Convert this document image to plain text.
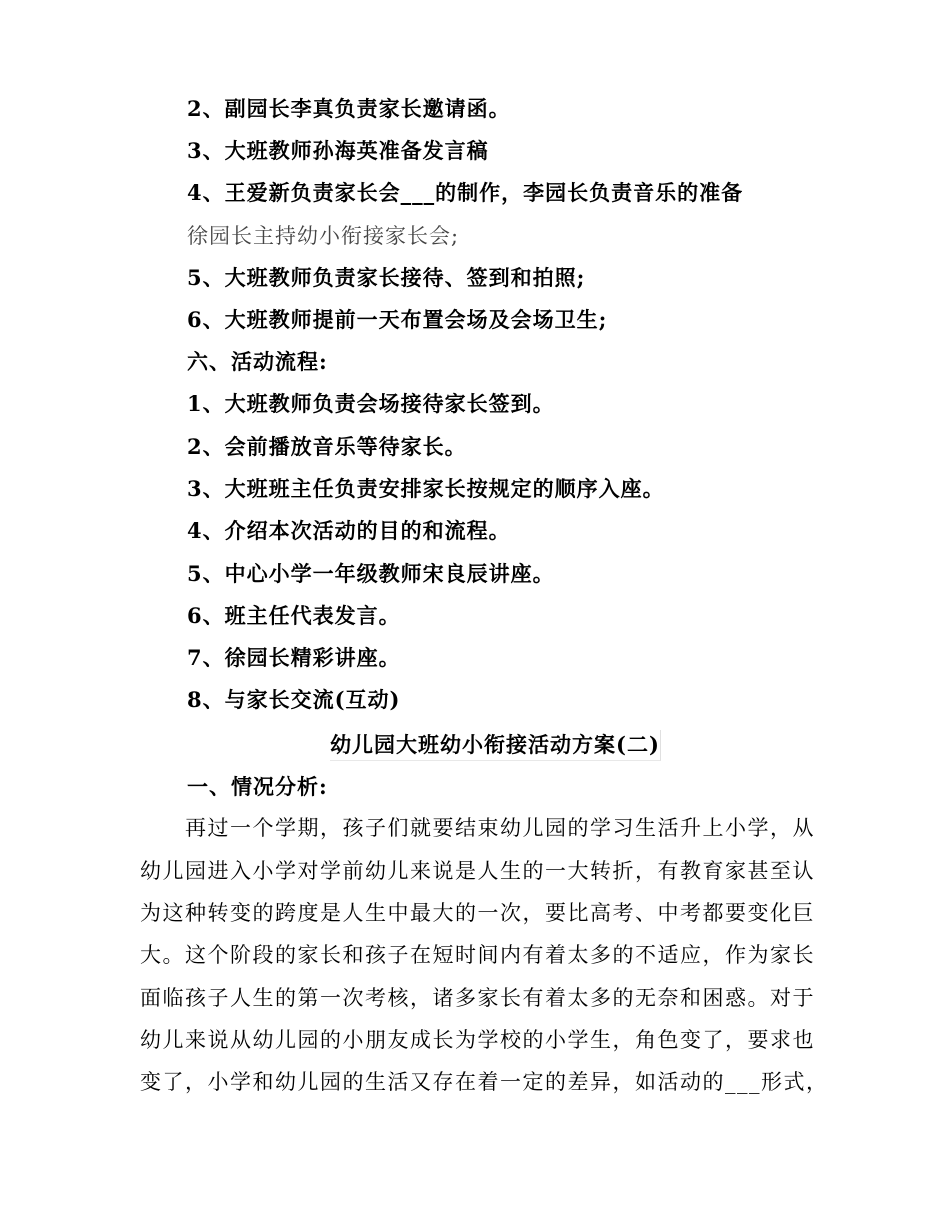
2、副园长李真负责家长邀请函。
3、大班教师孙海英准备发言稿
4、王爱新负责家长会___的制作，李园长负责音乐的准备
徐园长主持幼小衔接家长会;
5、大班教师负责家长接待、签到和拍照;
6、大班教师提前一天布置会场及会场卫生;
六、活动流程:
1、大班教师负责会场接待家长签到。
2、会前播放音乐等待家长。
3、大班班主任负责安排家长按规定的顺序入座。
4、介绍本次活动的目的和流程。
5、中心小学一年级教师宋良辰讲座。
6、班主任代表发言。
7、徐园长精彩讲座。
8、与家长交流(互动)
幼儿园大班幼小衔接活动方案(二)
一、情况分析:
　　再过一个学期，孩子们就要结束幼儿园的学习生活升上小学，从
幼儿园进入小学对学前幼儿来说是人生的一大转折，有教育家甚至认
为这种转变的跨度是人生中最大的一次，要比高考、中考都要变化巨
大。这个阶段的家长和孩子在短时间内有着太多的不适应，作为家长
面临孩子人生的第一次考核，诸多家长有着太多的无奈和困惑。对于
幼儿来说从幼儿园的小朋友成长为学校的小学生，角色变了，要求也
变了，小学和幼儿园的生活又存在着一定的差异，如活动的___形式，
